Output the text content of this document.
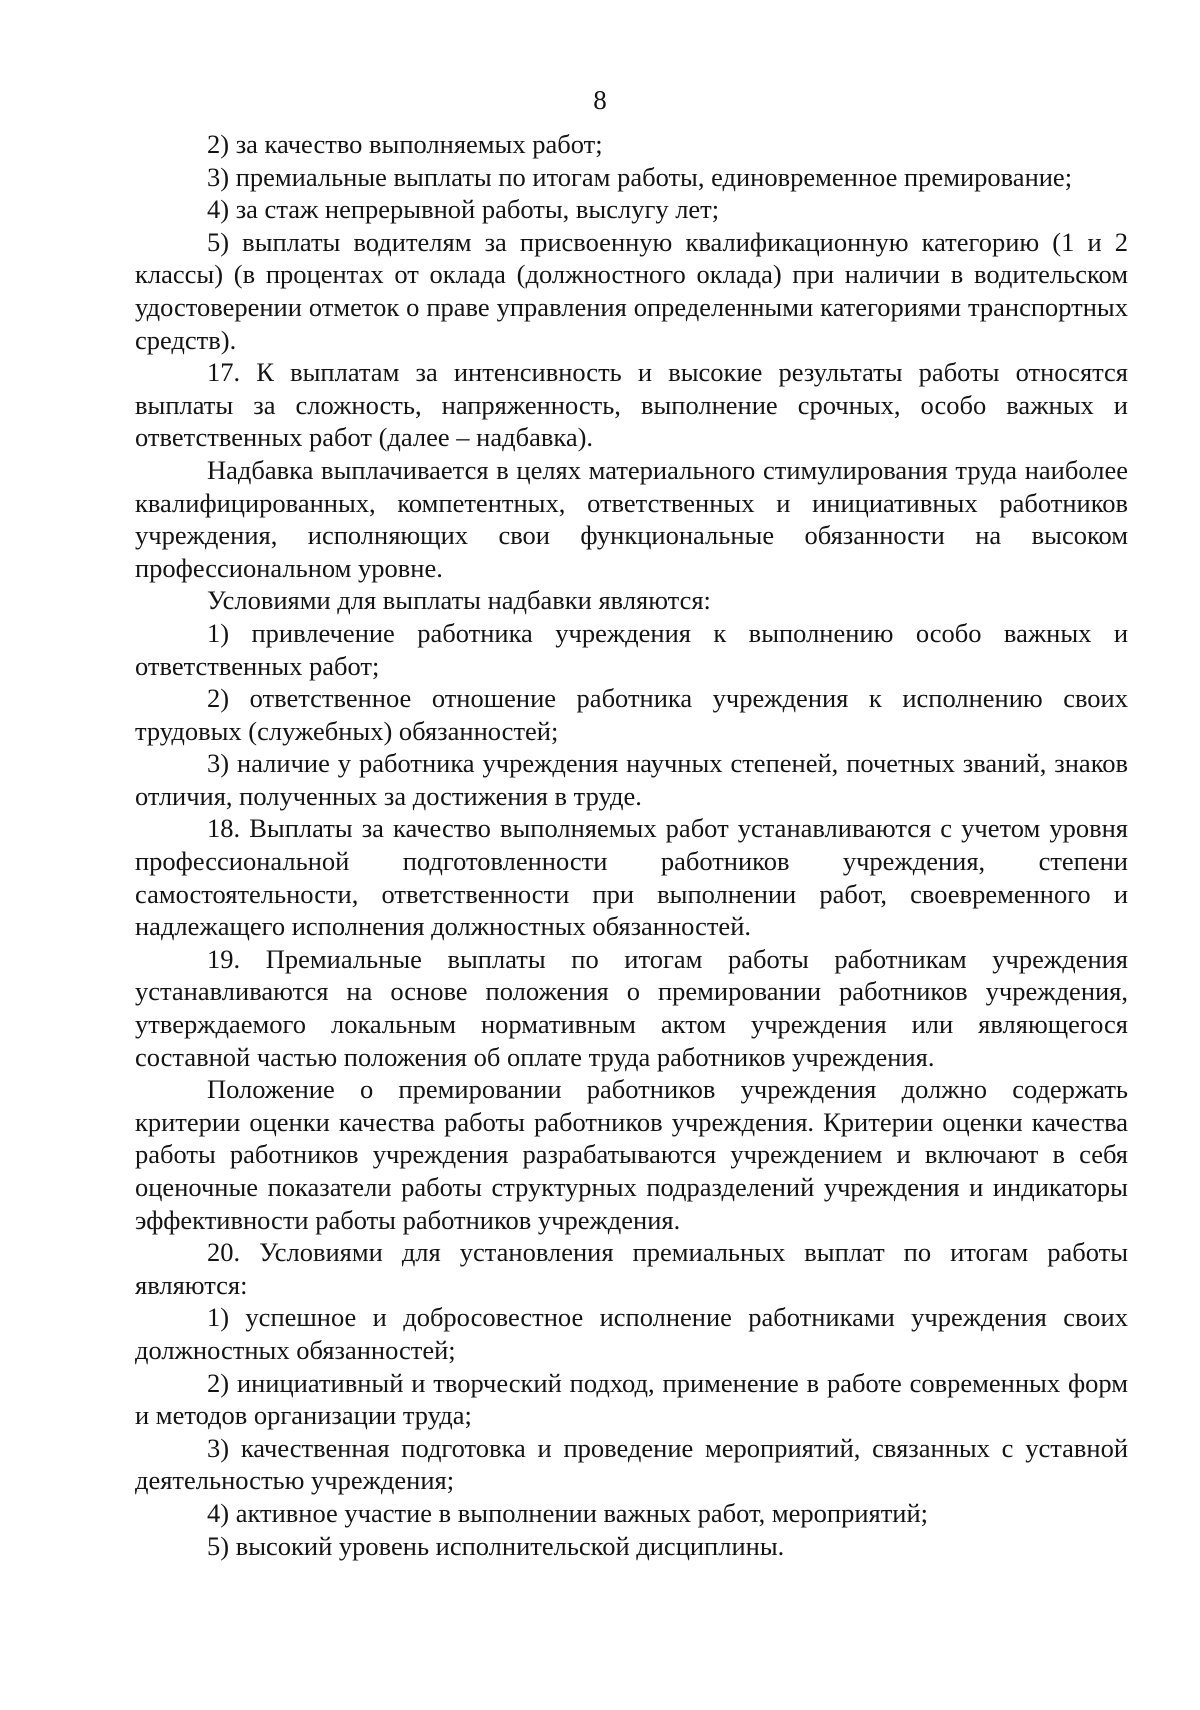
8

2) за качество выполняемых работ;

3) премиальные выплаты по итогам работы, единовременное премирование;

4) за стаж непрерывной работы, выслугу лет;

5) выплаты водителям за присвоенную квалификационную категорию (1 и 2 классы) (в процентах от оклада (должностного оклада) при наличии в водительском удостоверении отметок о праве управления определенными категориями транспортных средств).

17. К выплатам за интенсивность и высокие результаты работы относятся выплаты за сложность, напряженность, выполнение срочных, особо важных и ответственных работ (далее – надбавка).

Надбавка выплачивается в целях материального стимулирования труда наиболее квалифицированных, компетентных, ответственных и инициативных работников учреждения, исполняющих свои функциональные обязанности на высоком профессиональном уровне.

Условиями для выплаты надбавки являются:

1) привлечение работника учреждения к выполнению особо важных и ответственных работ;

2) ответственное отношение работника учреждения к исполнению своих трудовых (служебных) обязанностей;

3) наличие у работника учреждения научных степеней, почетных званий, знаков отличия, полученных за достижения в труде.

18. Выплаты за качество выполняемых работ устанавливаются с учетом уровня профессиональной подготовленности работников учреждения, степени самостоятельности, ответственности при выполнении работ, своевременного и надлежащего исполнения должностных обязанностей.

19. Премиальные выплаты по итогам работы работникам учреждения устанавливаются на основе положения о премировании работников учреждения, утверждаемого локальным нормативным актом учреждения или являющегося составной частью положения об оплате труда работников учреждения.

Положение о премировании работников учреждения должно содержать критерии оценки качества работы работников учреждения. Критерии оценки качества работы работников учреждения разрабатываются учреждением и включают в себя оценочные показатели работы структурных подразделений учреждения и индикаторы эффективности работы работников учреждения.

20. Условиями для установления премиальных выплат по итогам работы являются:

1) успешное и добросовестное исполнение работниками учреждения своих должностных обязанностей;

2) инициативный и творческий подход, применение в работе современных форм и методов организации труда;

3) качественная подготовка и проведение мероприятий, связанных с уставной деятельностью учреждения;

4) активное участие в выполнении важных работ, мероприятий;

5) высокий уровень исполнительской дисциплины.
